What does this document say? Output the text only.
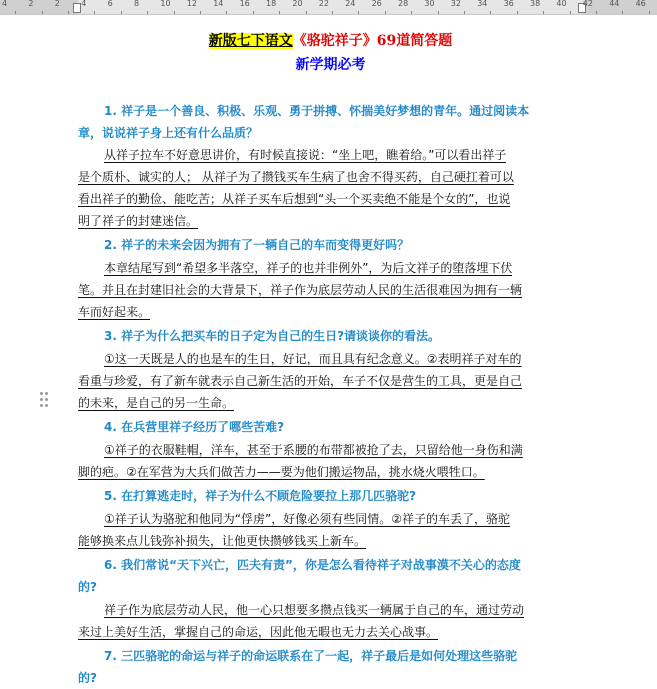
4	2	2	4	6	8	10 12 14 16 18 20 22 24 26 28 30 32 34 36 38 40 42 44 46
新版七下语文《骆驼祥子》69道简答题
新学期必考
1. 祥子是一个善良、积极、乐观、勇于拼搏、怀揣美好梦想的青年。通过阅读本
章，说说祥子身上还有什么品质？
从祥子拉车不好意思讲价，有时候直接说：“坐上吧，瞧着给。”可以看出祥子
是个质朴、诚实的人； 从祥子为了攒钱买车生病了也舍不得买药，自己硬扛着可以
看出祥子的勤俭、能吃苦；从祥子买车后想到“头一个买卖绝不能是个女的”，也说
明了祥子的封建迷信。
2. 祥子的未来会因为拥有了一辆自己的车而变得更好吗？
本章结尾写到“希望多半落空，祥子的也并非例外”，为后文祥子的堕落埋下伏
笔。并且在封建旧社会的大背景下，祥子作为底层劳动人民的生活很难因为拥有一辆
车而好起来。
3. 祥子为什么把买车的日子定为自己的生日?请谈谈你的看法。
①这一天既是人的也是车的生日，好记，而且具有纪念意义。②表明祥子对车的
看重与珍爱，有了新车就表示自己新生活的开始，车子不仅是营生的工具，更是自己
的未来，是自己的另一生命。
4. 在兵营里祥子经历了哪些苦难?
①祥子的衣服鞋帽，洋车，甚至于系腰的布带都被抢了去，只留给他一身伤和满
脚的疤。②在军营为大兵们做苦力——要为他们搬运物品，挑水烧火喂牲口。
5. 在打算逃走时，祥子为什么不顾危险要拉上那几匹骆驼?
①祥子认为骆驼和他同为“俘虏”，好像必须有些同情。②祥子的车丢了，骆驼
能够换来点儿钱弥补损失，让他更快攒够钱买上新车。
6. 我们常说“天下兴亡，匹夫有责”，你是怎么看待祥子对战事漠不关心的态度
的?
祥子作为底层劳动人民，他一心只想要多攒点钱买一辆属于自己的车，通过劳动
来过上美好生活，掌握自己的命运，因此他无暇也无力去关心战事。
7. 三匹骆驼的命运与祥子的命运联系在了一起，祥子最后是如何处理这些骆驼
的?
